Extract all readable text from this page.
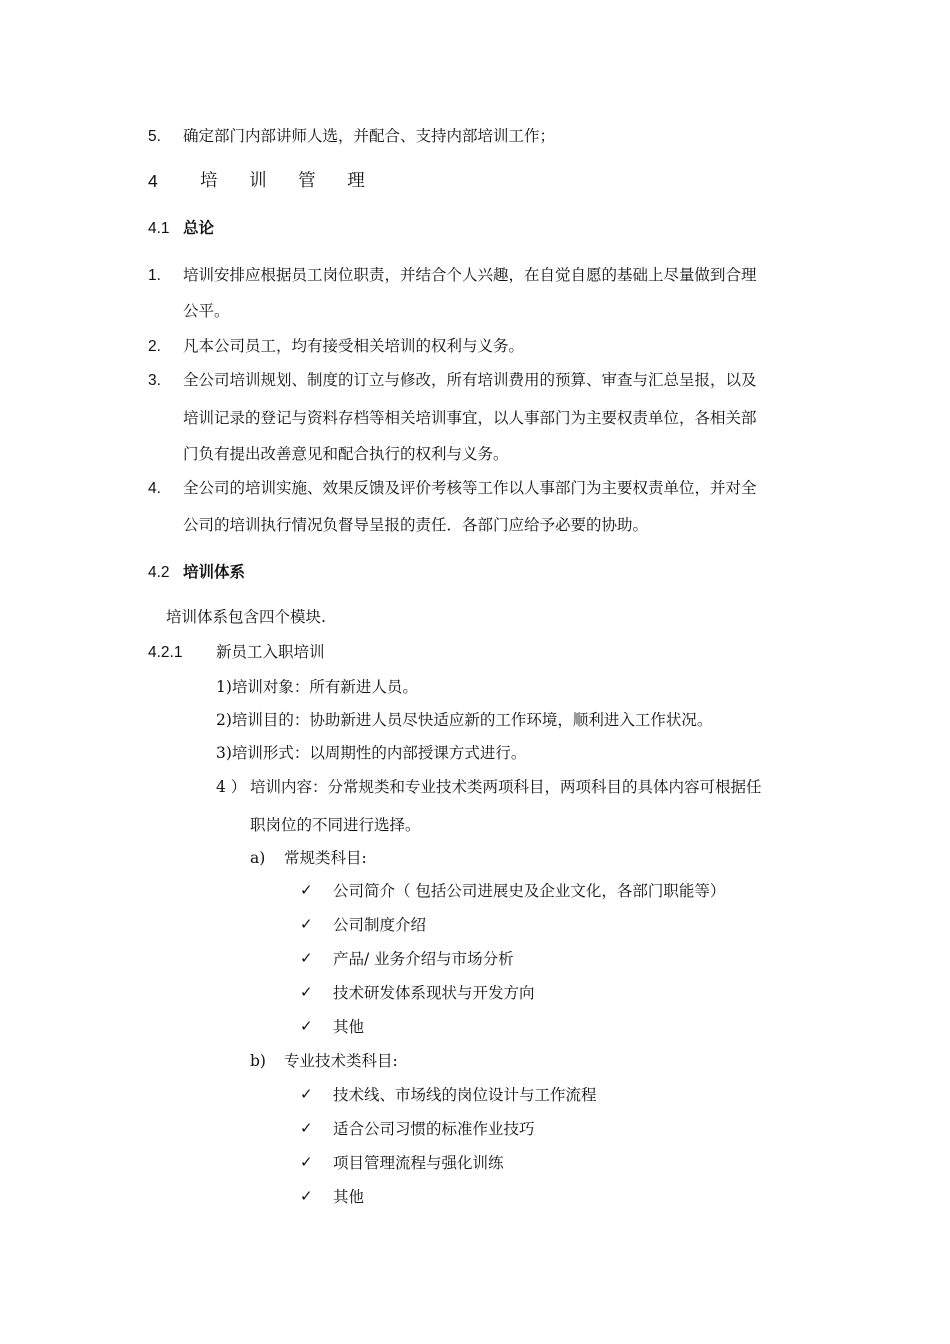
5. 确定部门内部讲师人选，并配合、支持内部培训工作；
4 培 训 管 理
4.1 总论
1. 培训安排应根据员工岗位职责，并结合个人兴趣，在自觉自愿的基础上尽量做到合理
公平。
2. 凡本公司员工，均有接受相关培训的权利与义务。
3. 全公司培训规划、制度的订立与修改，所有培训费用的预算、审查与汇总呈报，以及
培训记录的登记与资料存档等相关培训事宜，以人事部门为主要权责单位，各相关部
门负有提出改善意见和配合执行的权利与义务。
4. 全公司的培训实施、效果反馈及评价考核等工作以人事部门为主要权责单位，并对全
公司的培训执行情况负督导呈报的责任．各部门应给予必要的协助。
4.2 培训体系
培训体系包含四个模块.
4.2.1 新员工入职培训
1)培训对象：所有新进人员。
2)培训目的：协助新进人员尽快适应新的工作环境，顺利进入工作状况。
3)培训形式：以周期性的内部授课方式进行。
4 ） 培训内容：分常规类和专业技术类两项科目，两项科目的具体内容可根据任
职岗位的不同进行选择。
a) 常规类科目:
✓ 公司简介（ 包括公司进展史及企业文化，各部门职能等）
✓ 公司制度介绍
✓ 产品/ 业务介绍与市场分析
✓ 技术研发体系现状与开发方向
✓ 其他
b) 专业技术类科目:
✓ 技术线、市场线的岗位设计与工作流程
✓ 适合公司习惯的标准作业技巧
✓ 项目管理流程与强化训练
✓ 其他
